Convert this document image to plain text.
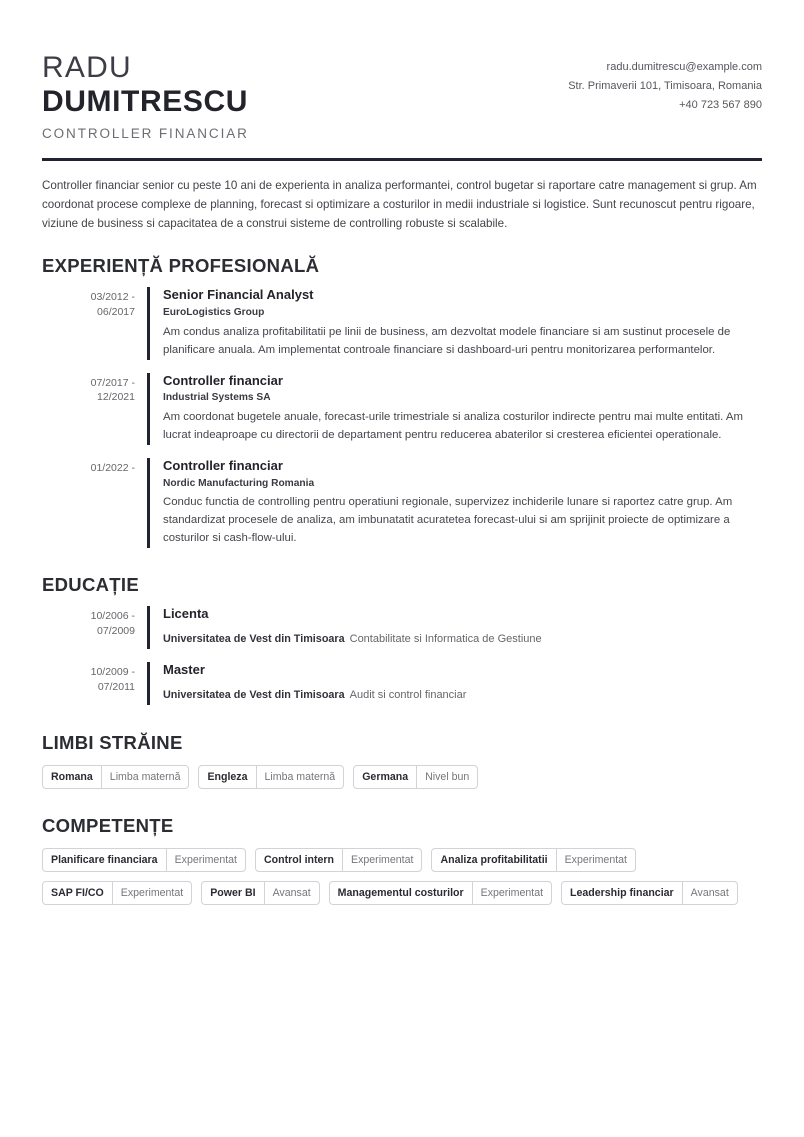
RADU
DUMITRESCU
CONTROLLER FINANCIAR
radu.dumitrescu@example.com
Str. Primaverii 101, Timisoara, Romania
+40 723 567 890
Controller financiar senior cu peste 10 ani de experienta in analiza performantei, control bugetar si raportare catre management si grup. Am coordonat procese complexe de planning, forecast si optimizare a costurilor in medii industriale si logistice. Sunt recunoscut pentru rigoare, viziune de business si capacitatea de a construi sisteme de controlling robuste si scalabile.
EXPERIENȚĂ PROFESIONALĂ
03/2012 -
06/2017
Senior Financial Analyst
EuroLogistics Group
Am condus analiza profitabilitatii pe linii de business, am dezvoltat modele financiare si am sustinut procesele de planificare anuala. Am implementat controale financiare si dashboard-uri pentru monitorizarea performantelor.
07/2017 -
12/2021
Controller financiar
Industrial Systems SA
Am coordonat bugetele anuale, forecast-urile trimestriale si analiza costurilor indirecte pentru mai multe entitati. Am lucrat indeaproape cu directorii de departament pentru reducerea abaterilor si cresterea eficientei operationale.
01/2022 - Controller financiar
Nordic Manufacturing Romania
Conduc functia de controlling pentru operatiuni regionale, supervizez inchiderile lunare si raportez catre grup. Am standardizat procesele de analiza, am imbunatatit acuratetea forecast-ului si am sprijinit proiecte de optimizare a costurilor si cash-flow-ului.
EDUCAȚIE
10/2006 -
07/2009
Licenta
Universitatea de Vest din Timisoara Contabilitate si Informatica de Gestiune
10/2009 -
07/2011
Master
Universitatea de Vest din Timisoara Audit si control financiar
LIMBI STRĂINE
Romana	Limba maternă	Engleza	Limba maternă	Germana	Nivel bun
COMPETENȚE
Planificare financiara	Experimentat	Control intern	Experimentat	Analiza profitabilitatii	Experimentat
SAP FI/CO	Experimentat	Power BI	Avansat	Managementul costurilor	Experimentat	Leadership financiar	Avansat
